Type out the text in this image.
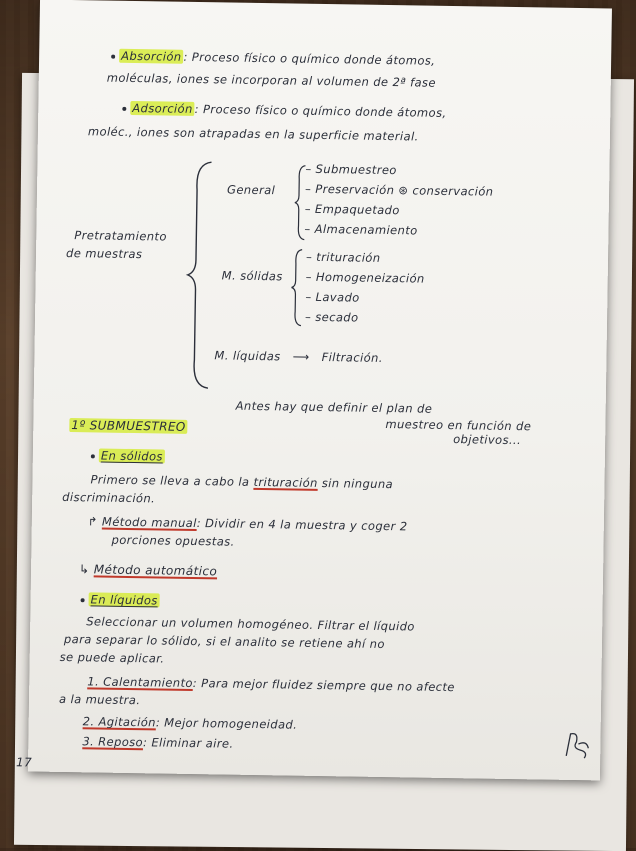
Absorción : Proceso físico o químico donde átomos,
moléculas, iones se incorporan al volumen de 2ª fase
Adsorción : Proceso físico o químico donde átomos,
moléc., iones son atrapadas en la superficie material.
Pretratamiento
de muestras
General
– Submuestreo
– Preservación ⊛ conservación
– Empaquetado
– Almacenamiento
M. sólidas
– trituración
– Homogeneización
– Lavado
– secado
M. líquidas ⟶ Filtración.
Antes hay que definir el plan de
muestreo en función de
objetivos...
1º SUBMUESTREO
En sólidos
Primero se lleva a cabo la trituración sin ninguna
discriminación.
↱ Método manual: Dividir en 4 la muestra y coger 2
porciones opuestas.
↳ Método automático
En líquidos
Seleccionar un volumen homogéneo. Filtrar el líquido
para separar lo sólido, si el analito se retiene ahí no
se puede aplicar.
1. Calentamiento: Para mejor fluidez siempre que no afecte
a la muestra.
2. Agitación: Mejor homogeneidad.
3. Reposo: Eliminar aire.
17
